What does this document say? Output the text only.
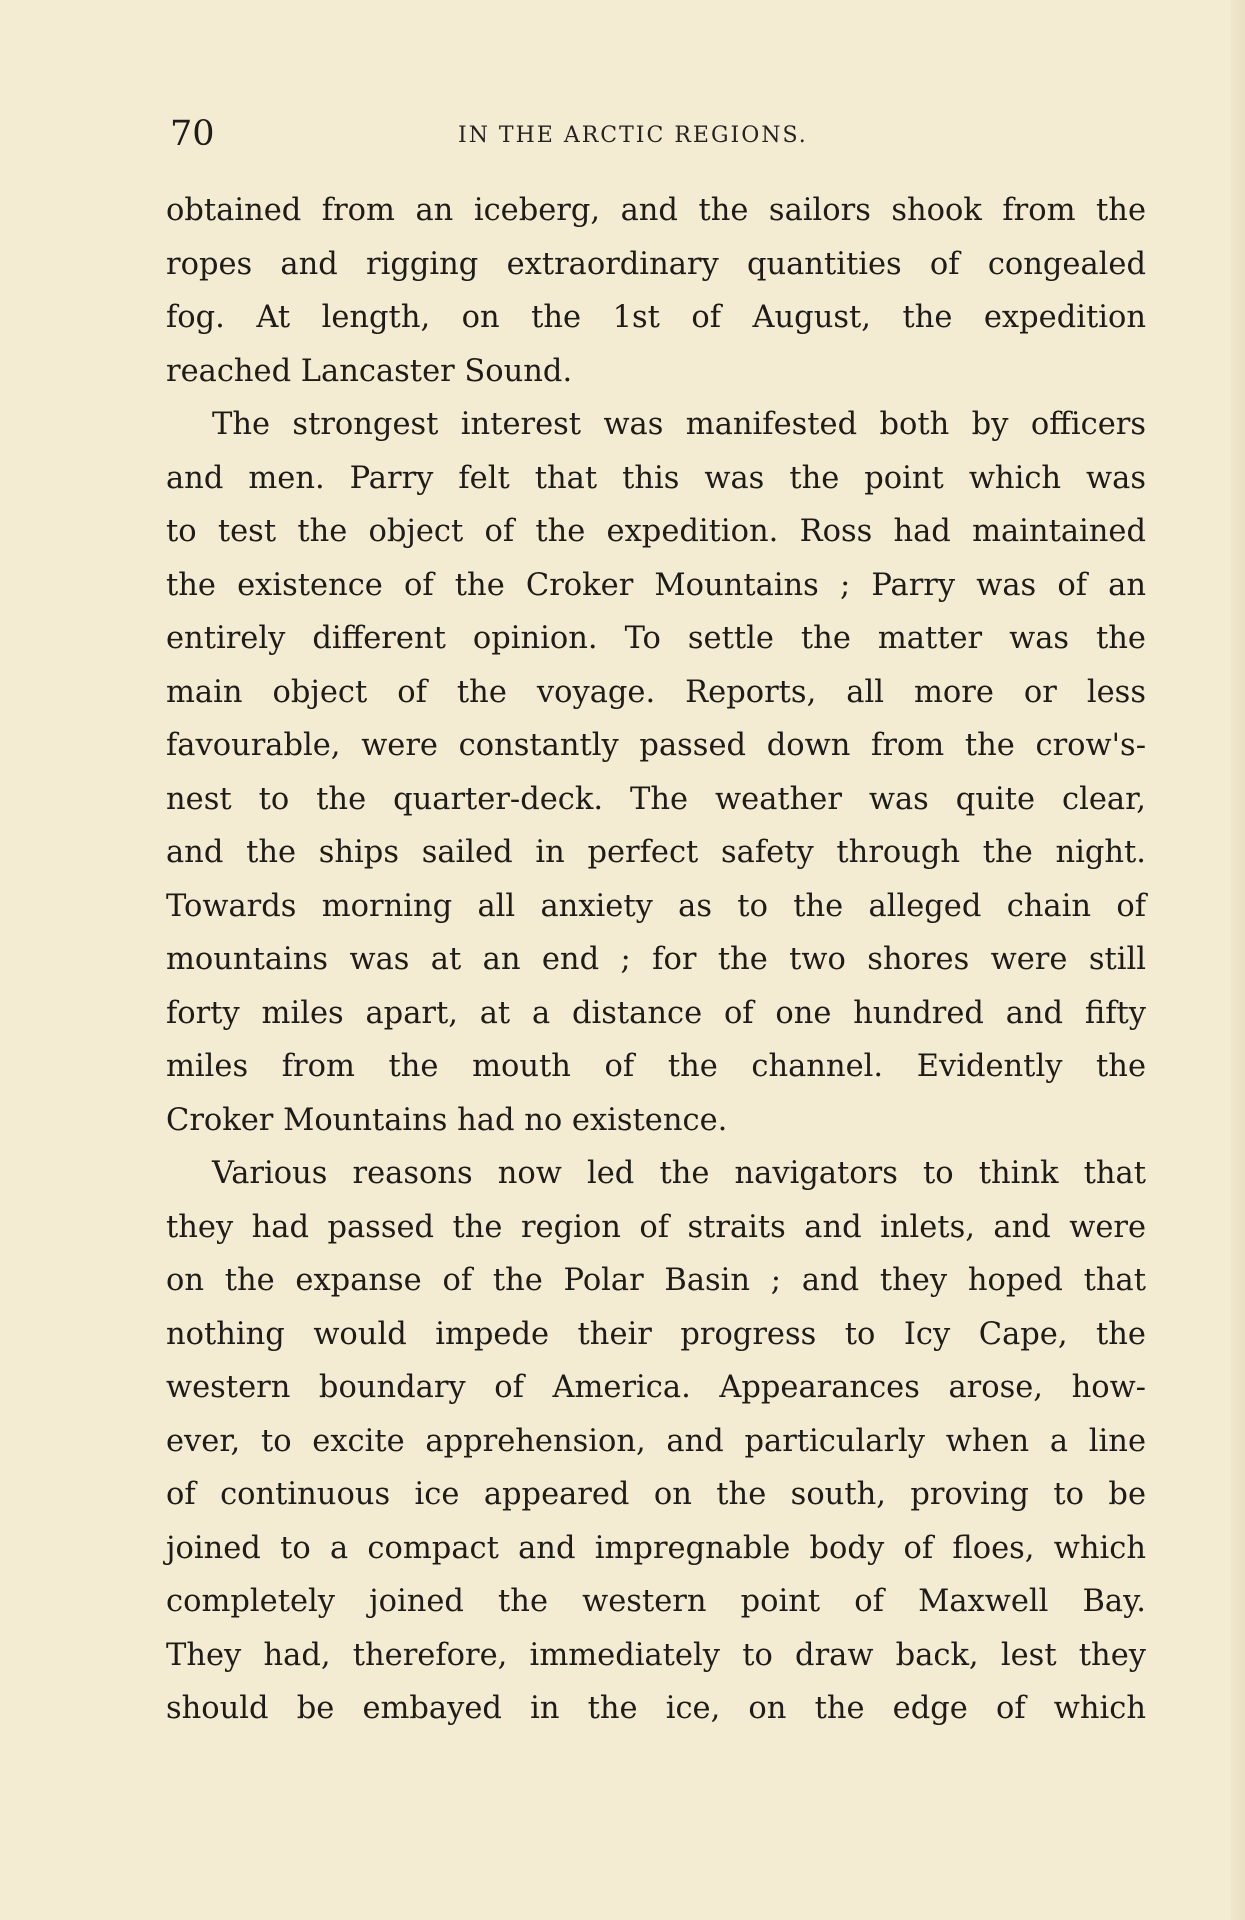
70	IN THE ARCTIC REGIONS.
obtained from an iceberg, and the sailors shook from the
ropes and rigging extraordinary quantities of congealed
fog. At length, on the 1st of August, the expedition
reached Lancaster Sound.
The strongest interest was manifested both by officers
and men. Parry felt that this was the point which was
to test the object of the expedition. Ross had maintained
the existence of the Croker Mountains ; Parry was of an
entirely different opinion. To settle the matter was the
main object of the voyage. Reports, all more or less
favourable, were constantly passed down from the crow's-
nest to the quarter-deck. The weather was quite clear,
and the ships sailed in perfect safety through the night.
Towards morning all anxiety as to the alleged chain of
mountains was at an end ; for the two shores were still
forty miles apart, at a distance of one hundred and fifty
miles from the mouth of the channel. Evidently the
Croker Mountains had no existence.
Various reasons now led the navigators to think that
they had passed the region of straits and inlets, and were
on the expanse of the Polar Basin ; and they hoped that
nothing would impede their progress to Icy Cape, the
western boundary of America. Appearances arose, how-
ever, to excite apprehension, and particularly when a line
of continuous ice appeared on the south, proving to be
joined to a compact and impregnable body of floes, which
completely joined the western point of Maxwell Bay.
They had, therefore, immediately to draw back, lest they
should be embayed in the ice, on the edge of which
